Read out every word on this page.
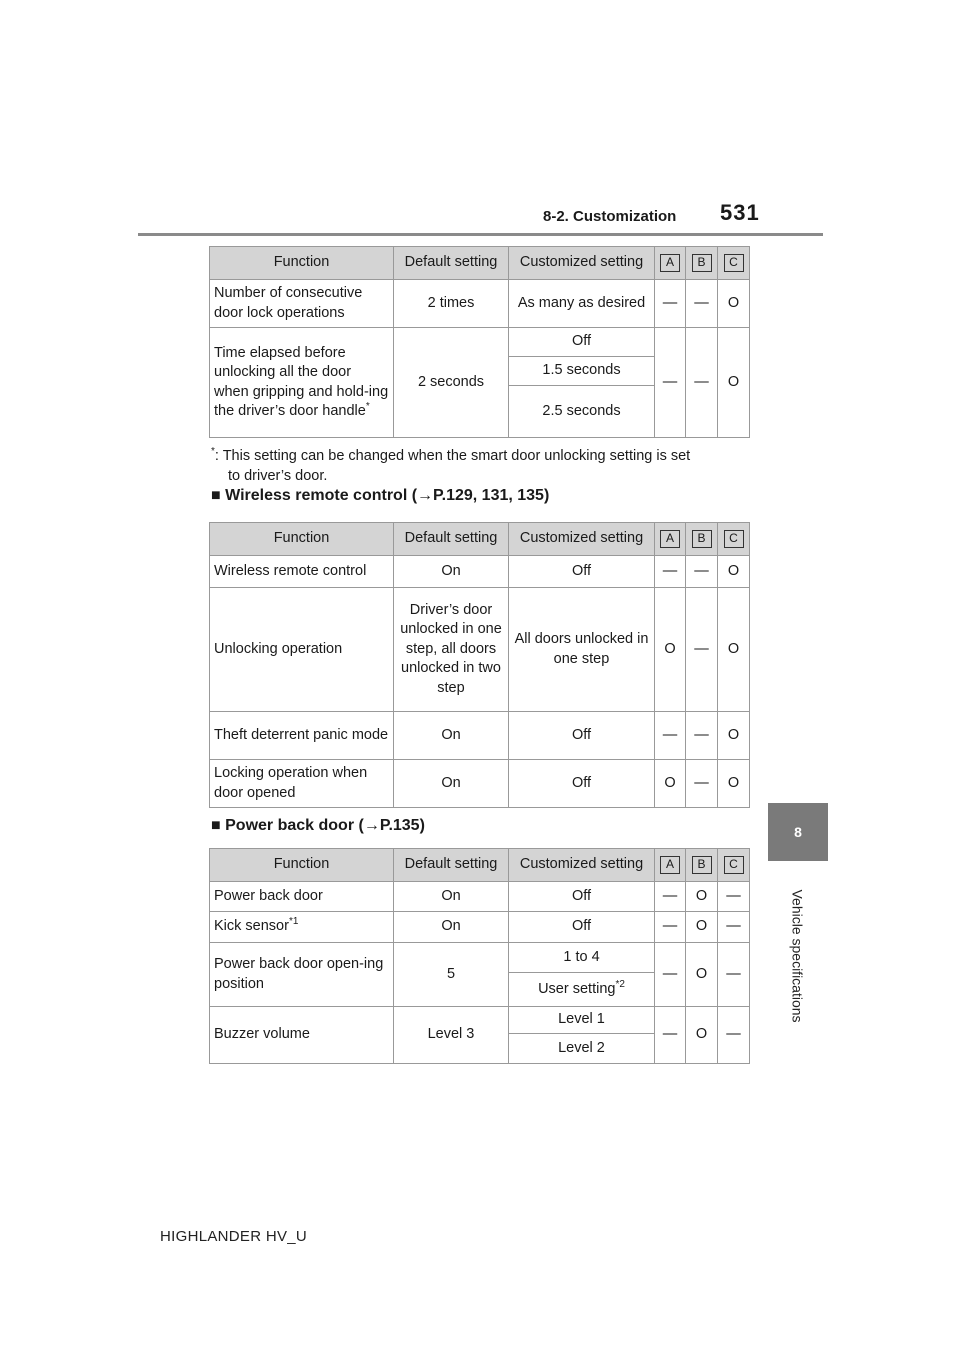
8-2. Customization 531
8
Vehicle specifications
Function	Default setting	Customized setting	A	B	C
Number of consecutive door lock operations	2 times	As many as desired	—	—	O
Time elapsed before unlocking all the door when gripping and hold-ing the driver’s door handle*	2 seconds	Off	—	—	O
		1.5 seconds			
		2.5 seconds			
*: This setting can be changed when the smart door unlocking setting is set
to driver’s door.
■ Wireless remote control (→P.129, 131, 135)
Function	Default setting	Customized setting	A	B	C
Wireless remote control	On	Off	—	—	O
Unlocking operation	Driver’s door unlocked in one step, all doors unlocked in two step	All doors unlocked in one step	O	—	O
Theft deterrent panic mode	On	Off	—	—	O
Locking operation when door opened	On	Off	O	—	O
■ Power back door (→P.135)
Function	Default setting	Customized setting	A	B	C
Power back door	On	Off	—	O	—
Kick sensor$^{*1}$	On	Off	—	O	—
Power back door open-ing position	5	1 to 4	—	O	—
		User setting$^{*2}$
Buzzer volume	Level 3	Level 1	—	O	—
		Level 2			
HIGHLANDER HV_U
